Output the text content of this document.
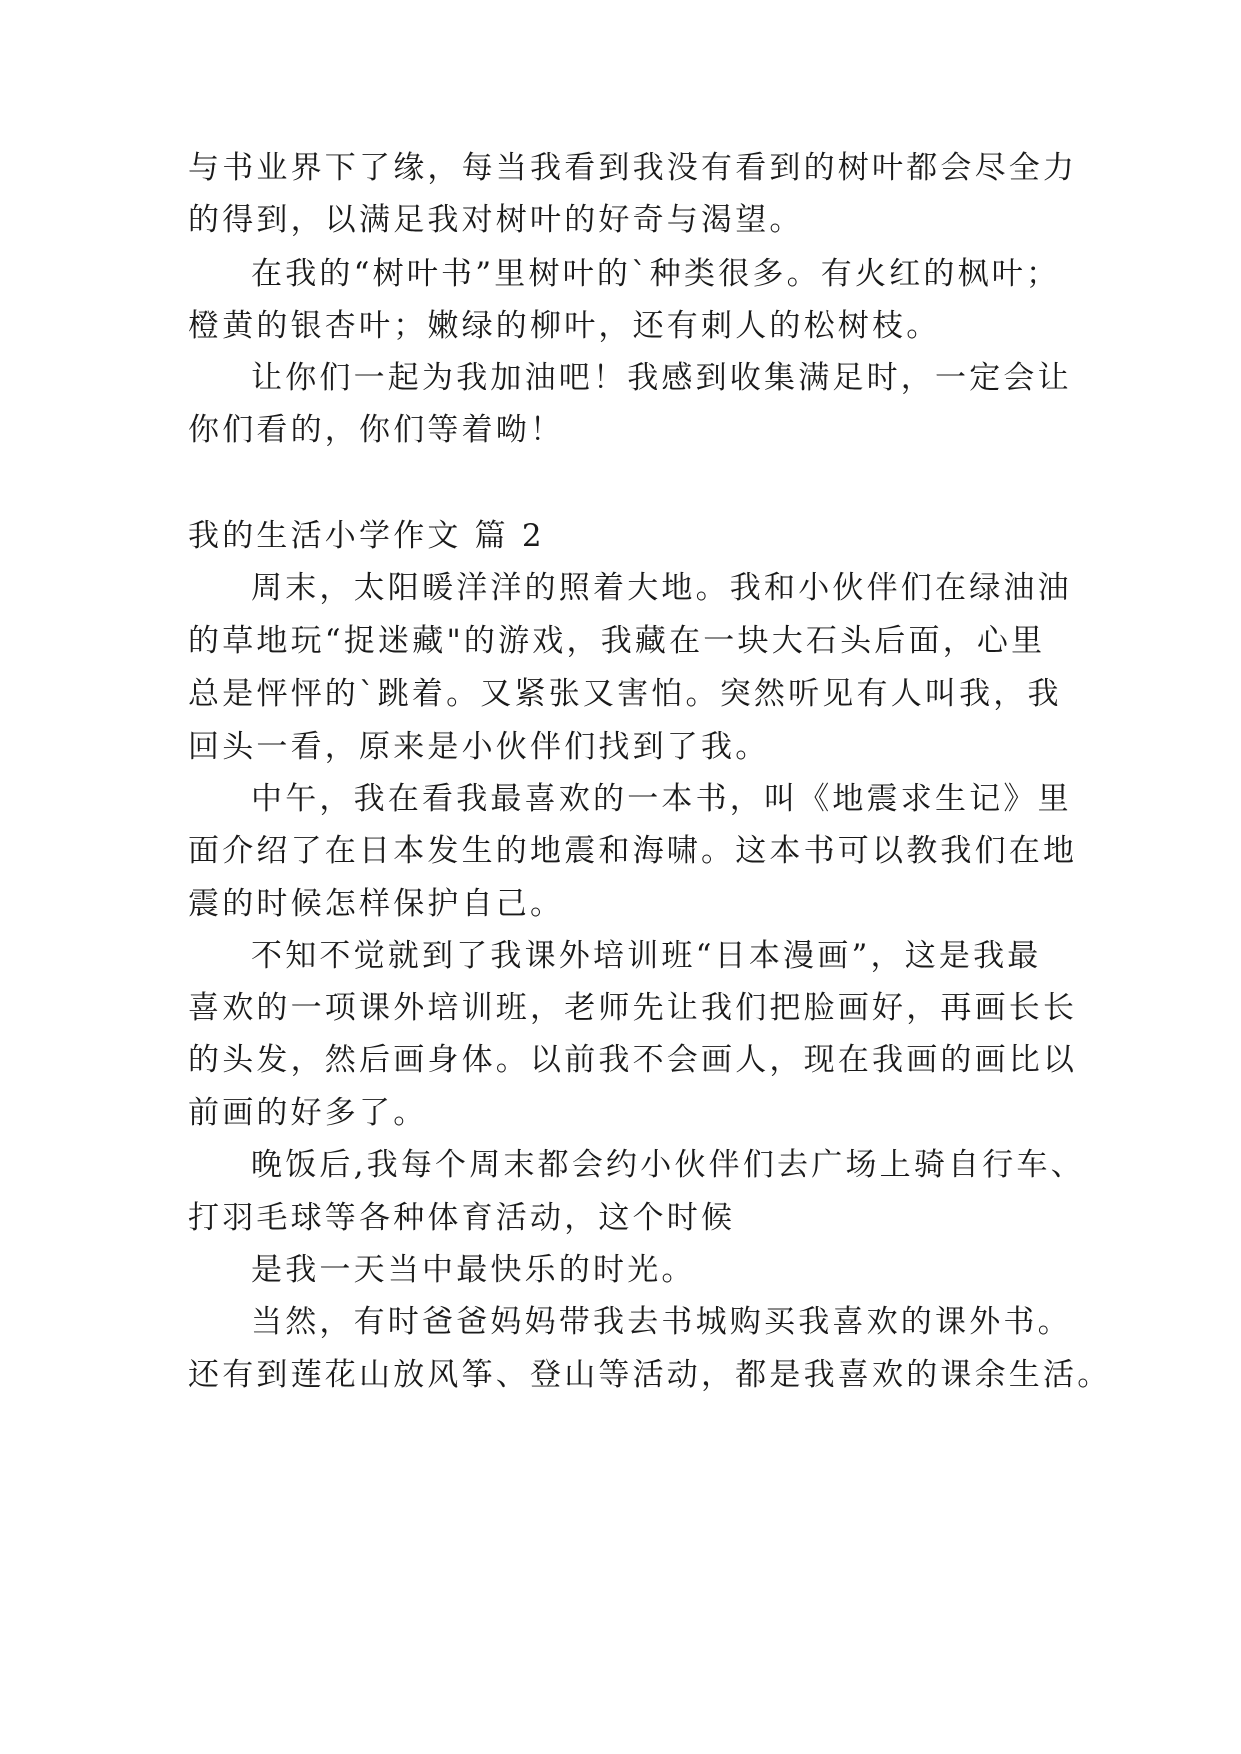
与书业界下了缘，每当我看到我没有看到的树叶都会尽全力
的得到，以满足我对树叶的好奇与渴望。
在我的“树叶书”里树叶的`种类很多。有火红的枫叶；
橙黄的银杏叶；嫩绿的柳叶，还有刺人的松树枝。
让你们一起为我加油吧！我感到收集满足时，一定会让
你们看的，你们等着呦！
我的生活小学作文 篇 2
周末，太阳暖洋洋的照着大地。我和小伙伴们在绿油油
的草地玩“捉迷藏"的游戏，我藏在一块大石头后面，心里
总是怦怦的`跳着。又紧张又害怕。突然听见有人叫我，我
回头一看，原来是小伙伴们找到了我。
中午，我在看我最喜欢的一本书，叫《地震求生记》里
面介绍了在日本发生的地震和海啸。这本书可以教我们在地
震的时候怎样保护自己。
不知不觉就到了我课外培训班“日本漫画”，这是我最
喜欢的一项课外培训班，老师先让我们把脸画好，再画长长
的头发，然后画身体。以前我不会画人，现在我画的画比以
前画的好多了。
晚饭后,我每个周末都会约小伙伴们去广场上骑自行车、
打羽毛球等各种体育活动，这个时候
是我一天当中最快乐的时光。
当然，有时爸爸妈妈带我去书城购买我喜欢的课外书。
还有到莲花山放风筝、登山等活动，都是我喜欢的课余生活。
